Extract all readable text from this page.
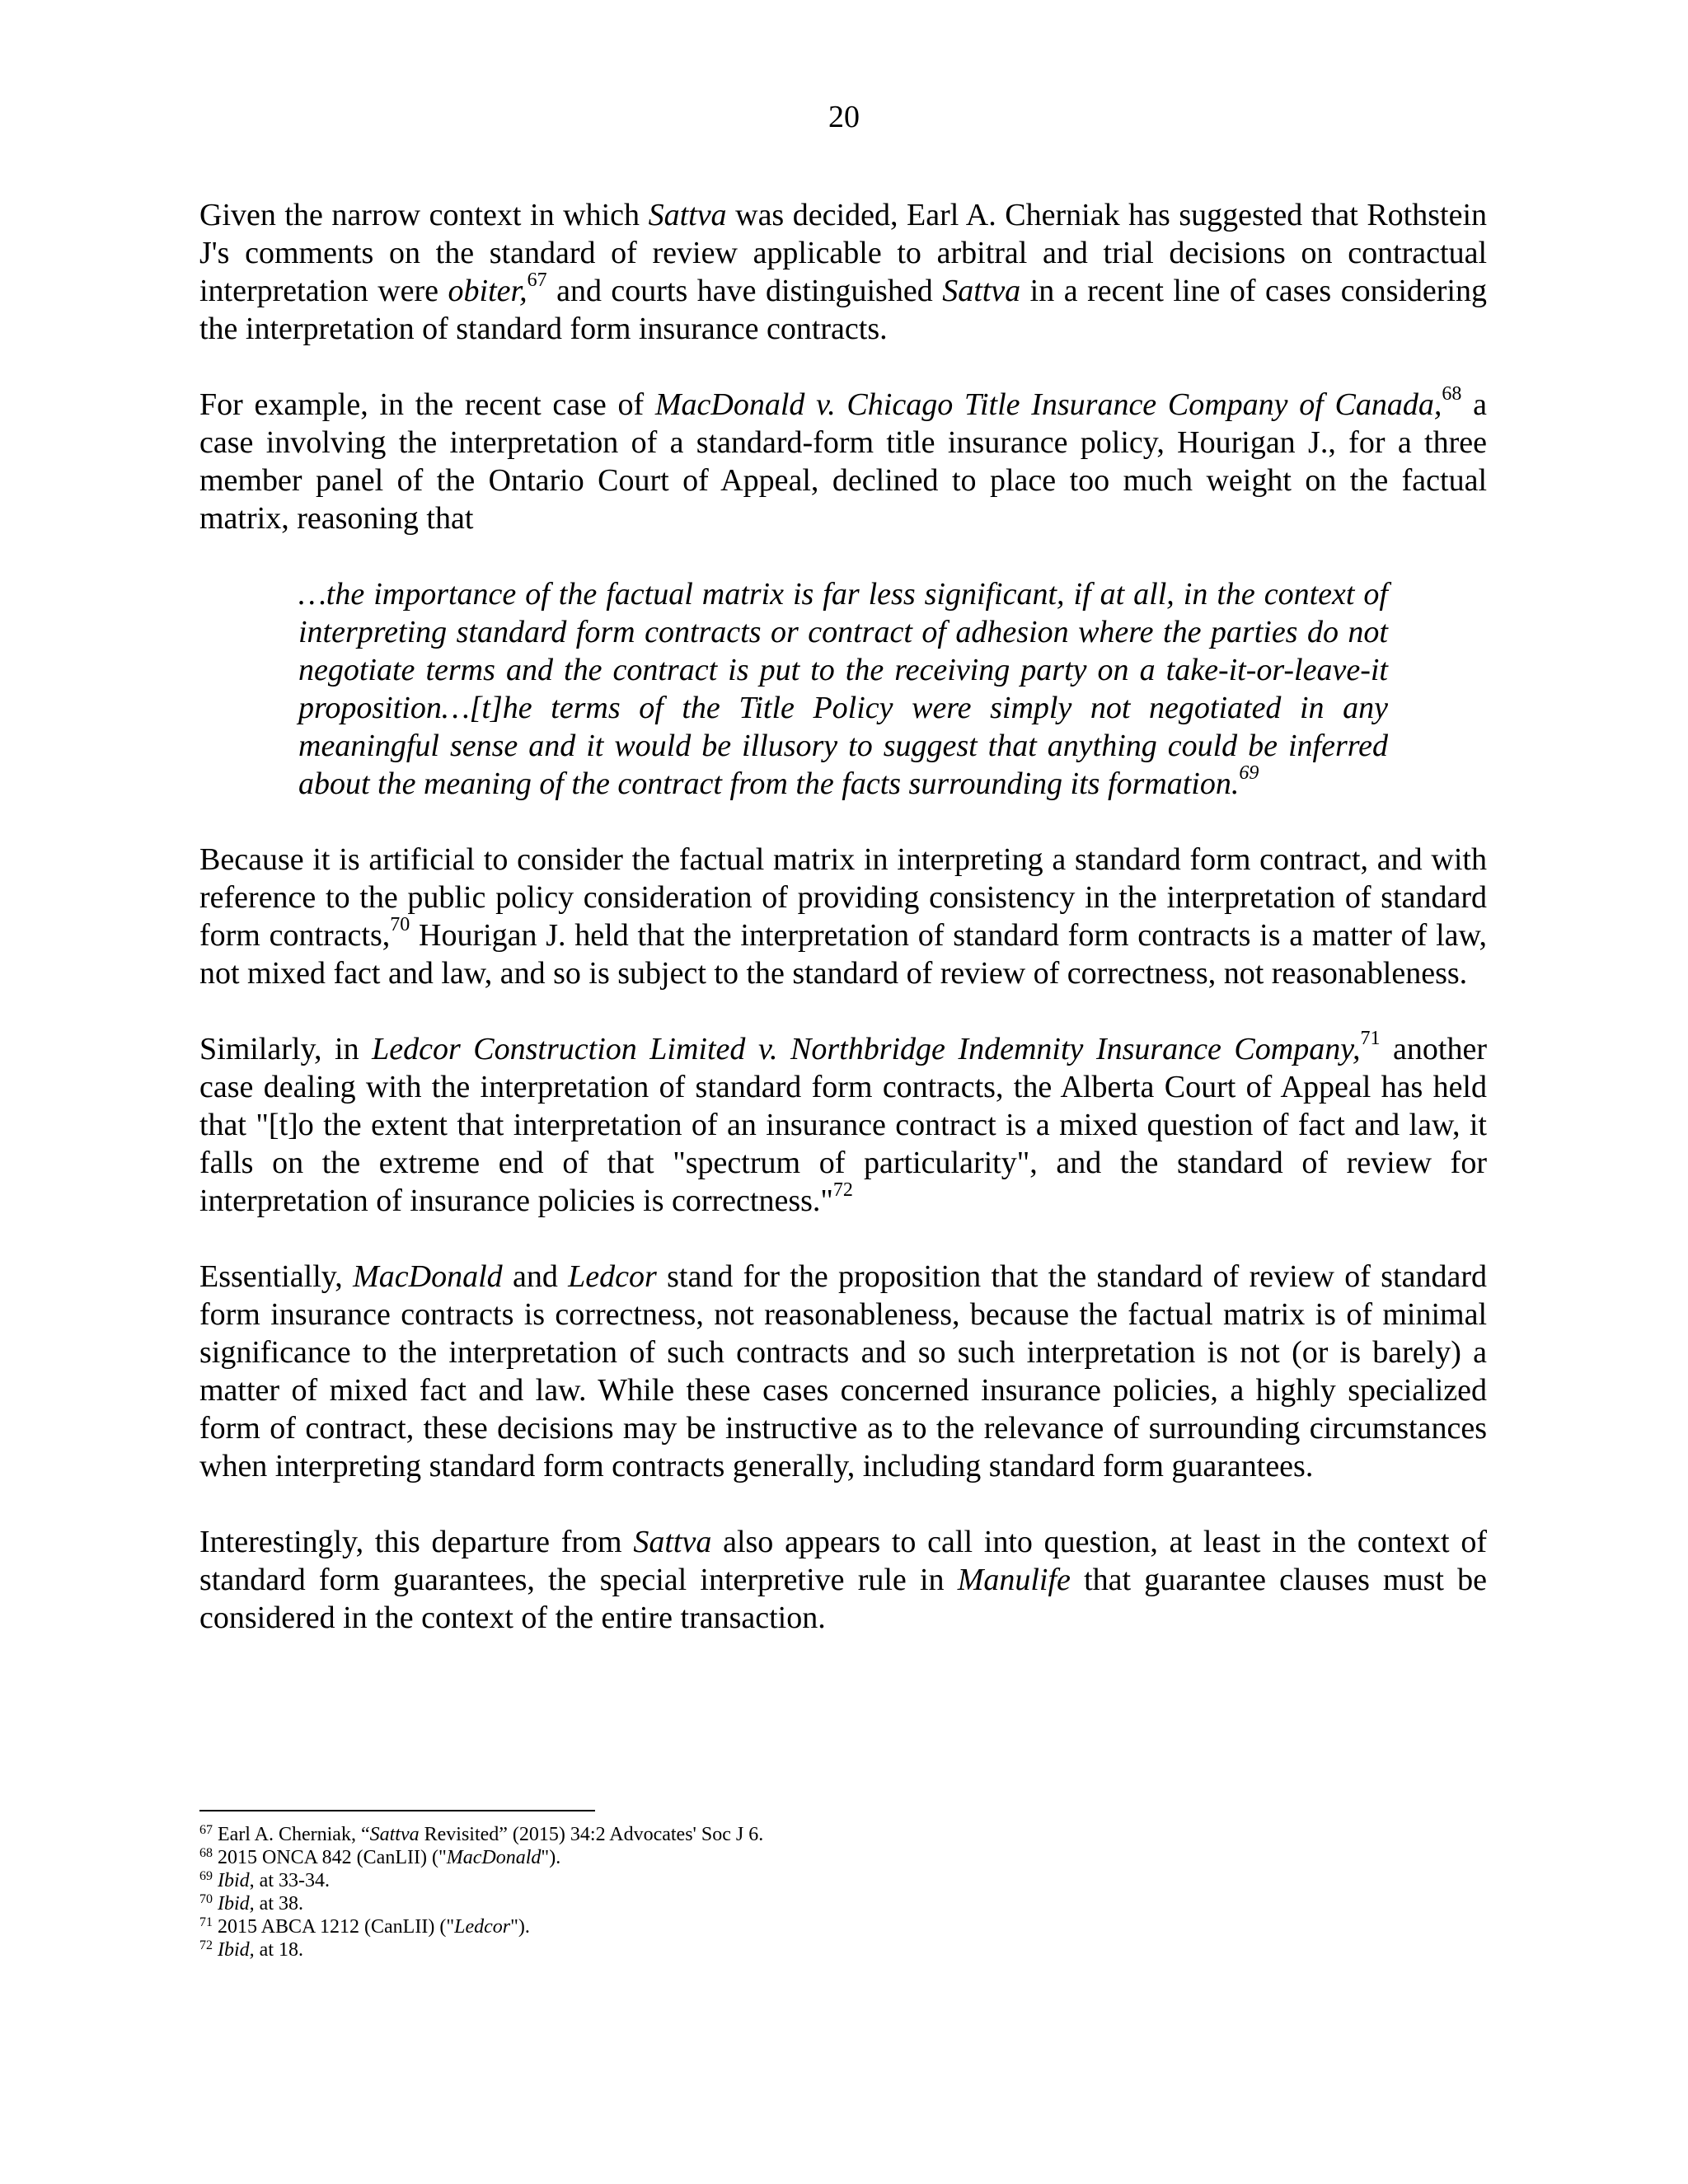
20

Given the narrow context in which Sattva was decided, Earl A. Cherniak has suggested that Rothstein J's comments on the standard of review applicable to arbitral and trial decisions on contractual interpretation were obiter,$^{67}$ and courts have distinguished Sattva in a recent line of cases considering the interpretation of standard form insurance contracts.

For example, in the recent case of MacDonald v. Chicago Title Insurance Company of Canada,$^{68}$ a case involving the interpretation of a standard-form title insurance policy, Hourigan J., for a three member panel of the Ontario Court of Appeal, declined to place too much weight on the factual matrix, reasoning that

…the importance of the factual matrix is far less significant, if at all, in the context of interpreting standard form contracts or contract of adhesion where the parties do not negotiate terms and the contract is put to the receiving party on a take-it-or-leave-it proposition…[t]he terms of the Title Policy were simply not negotiated in any meaningful sense and it would be illusory to suggest that anything could be inferred about the meaning of the contract from the facts surrounding its formation.$^{69}$

Because it is artificial to consider the factual matrix in interpreting a standard form contract, and with reference to the public policy consideration of providing consistency in the interpretation of standard form contracts,$^{70}$ Hourigan J. held that the interpretation of standard form contracts is a matter of law, not mixed fact and law, and so is subject to the standard of review of correctness, not reasonableness.

Similarly, in Ledcor Construction Limited v. Northbridge Indemnity Insurance Company,$^{71}$ another case dealing with the interpretation of standard form contracts, the Alberta Court of Appeal has held that "[t]o the extent that interpretation of an insurance contract is a mixed question of fact and law, it falls on the extreme end of that "spectrum of particularity", and the standard of review for interpretation of insurance policies is correctness."$^{72}$

Essentially, MacDonald and Ledcor stand for the proposition that the standard of review of standard form insurance contracts is correctness, not reasonableness, because the factual matrix is of minimal significance to the interpretation of such contracts and so such interpretation is not (or is barely) a matter of mixed fact and law. While these cases concerned insurance policies, a highly specialized form of contract, these decisions may be instructive as to the relevance of surrounding circumstances when interpreting standard form contracts generally, including standard form guarantees.

Interestingly, this departure from Sattva also appears to call into question, at least in the context of standard form guarantees, the special interpretive rule in Manulife that guarantee clauses must be considered in the context of the entire transaction.

$^{67}$ Earl A. Cherniak, “Sattva Revisited” (2015) 34:2 Advocates' Soc J 6.

$^{68}$ 2015 ONCA 842 (CanLII) ("MacDonald").

$^{69}$ Ibid, at 33-34.

$^{70}$ Ibid, at 38.

$^{71}$ 2015 ABCA 1212 (CanLII) ("Ledcor").

$^{72}$ Ibid, at 18.
